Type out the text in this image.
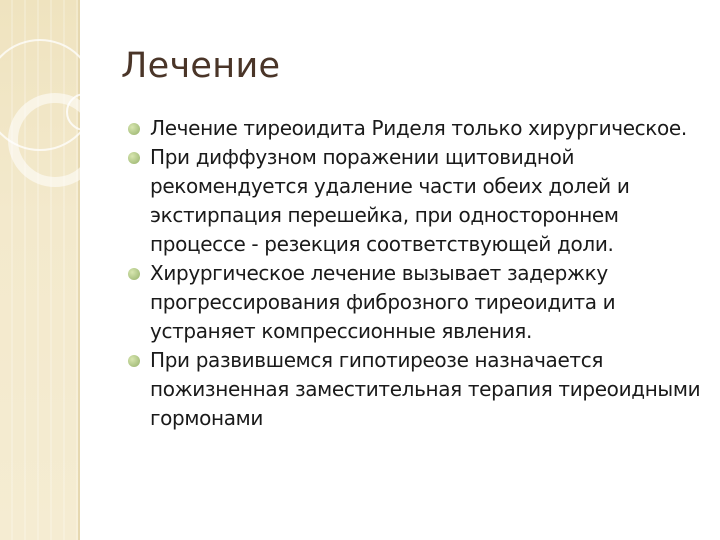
Лечение
Лечение тиреоидита Риделя только хирургическое.
При диффузном поражении щитовидной рекомендуется удаление части обеих долей и экстирпация перешейка, при одностороннем процессе - резекция соответствующей доли.
Хирургическое лечение вызывает задержку прогрессирования фиброзного тиреоидита и устраняет компрессионные явления.
При развившемся гипотиреозе назначается пожизненная заместительная терапия тиреоидными гормонами
